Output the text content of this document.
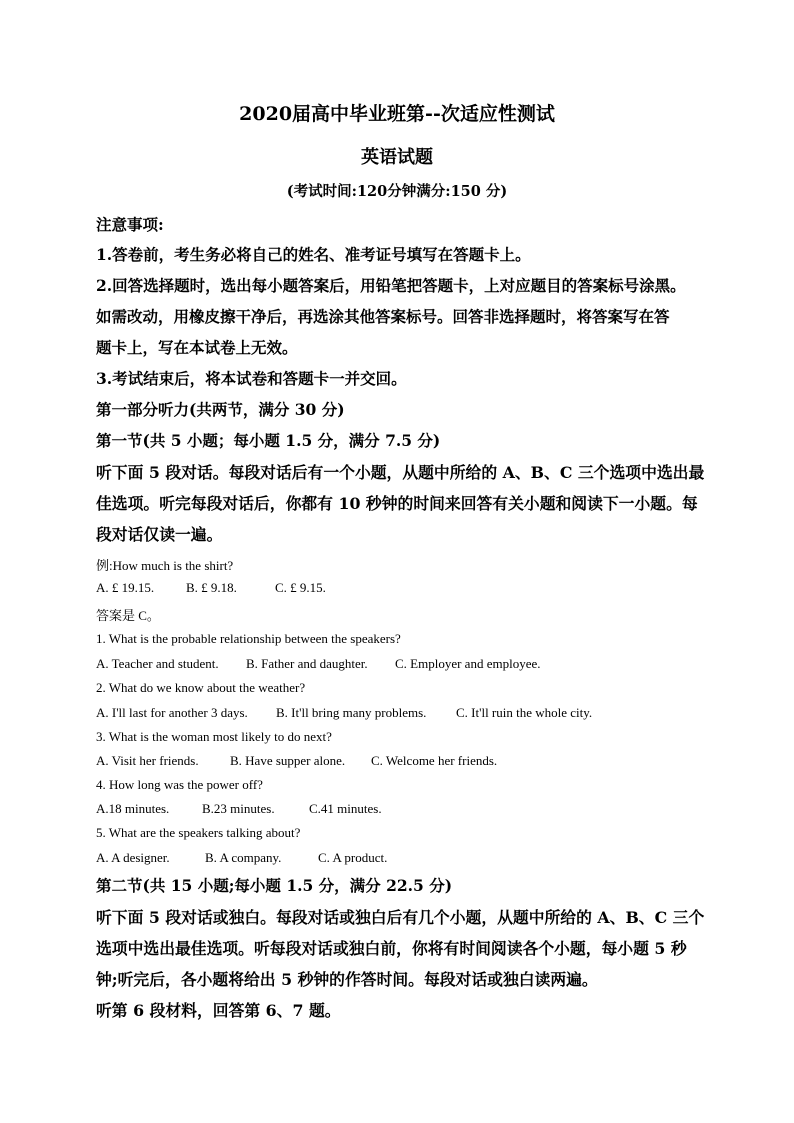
2020届高中毕业班第--次适应性测试
英语试题
(考试时间:120分钟满分:150 分)
注意事项:
1.答卷前，考生务必将自己的姓名、准考证号填写在答题卡上。
2.回答选择题时，选出每小题答案后，用铅笔把答题卡，上对应题目的答案标号涂黑。
如需改动，用橡皮擦干净后，再选涂其他答案标号。回答非选择题时，将答案写在答
题卡上，写在本试卷上无效。
3.考试结束后，将本试卷和答题卡一并交回。
第一部分听力(共两节，满分 30 分)
第一节(共 5 小题；每小题 1.5 分，满分 7.5 分)
听下面 5 段对话。每段对话后有一个小题，从题中所给的 A、B、C 三个选项中选出最
佳选项。听完每段对话后，你都有 10 秒钟的时间来回答有关小题和阅读下一小题。每
段对话仅读一遍。
例:How much is the shirt?
A. £ 19.15. B. £ 9.18.	C. £ 9.15.
答案是 C。
1. What is the probable relationship between the speakers?
A. Teacher and student. B. Father and daughter. C. Employer and employee.
2. What do we know about the weather?
A. I'll last for another 3 days. B. It'll bring many problems. C. It'll ruin the whole city.
3. What is the woman most likely to do next?
A. Visit her friends. B. Have supper alone. C. Welcome her friends.
4. How long was the power off?
A.18 minutes.	B.23 minutes.	C.41 minutes.
5. What are the speakers talking about?
A. A designer.	B. A company.	C. A product.
第二节(共 15 小题;每小题 1.5 分，满分 22.5 分)
听下面 5 段对话或独白。每段对话或独白后有几个小题，从题中所给的 A、B、C 三个
选项中选出最佳选项。听每段对话或独白前，你将有时间阅读各个小题，每小题 5 秒
钟;听完后，各小题将给出 5 秒钟的作答时间。每段对话或独白读两遍。
听第 6 段材料，回答第 6、7 题。
